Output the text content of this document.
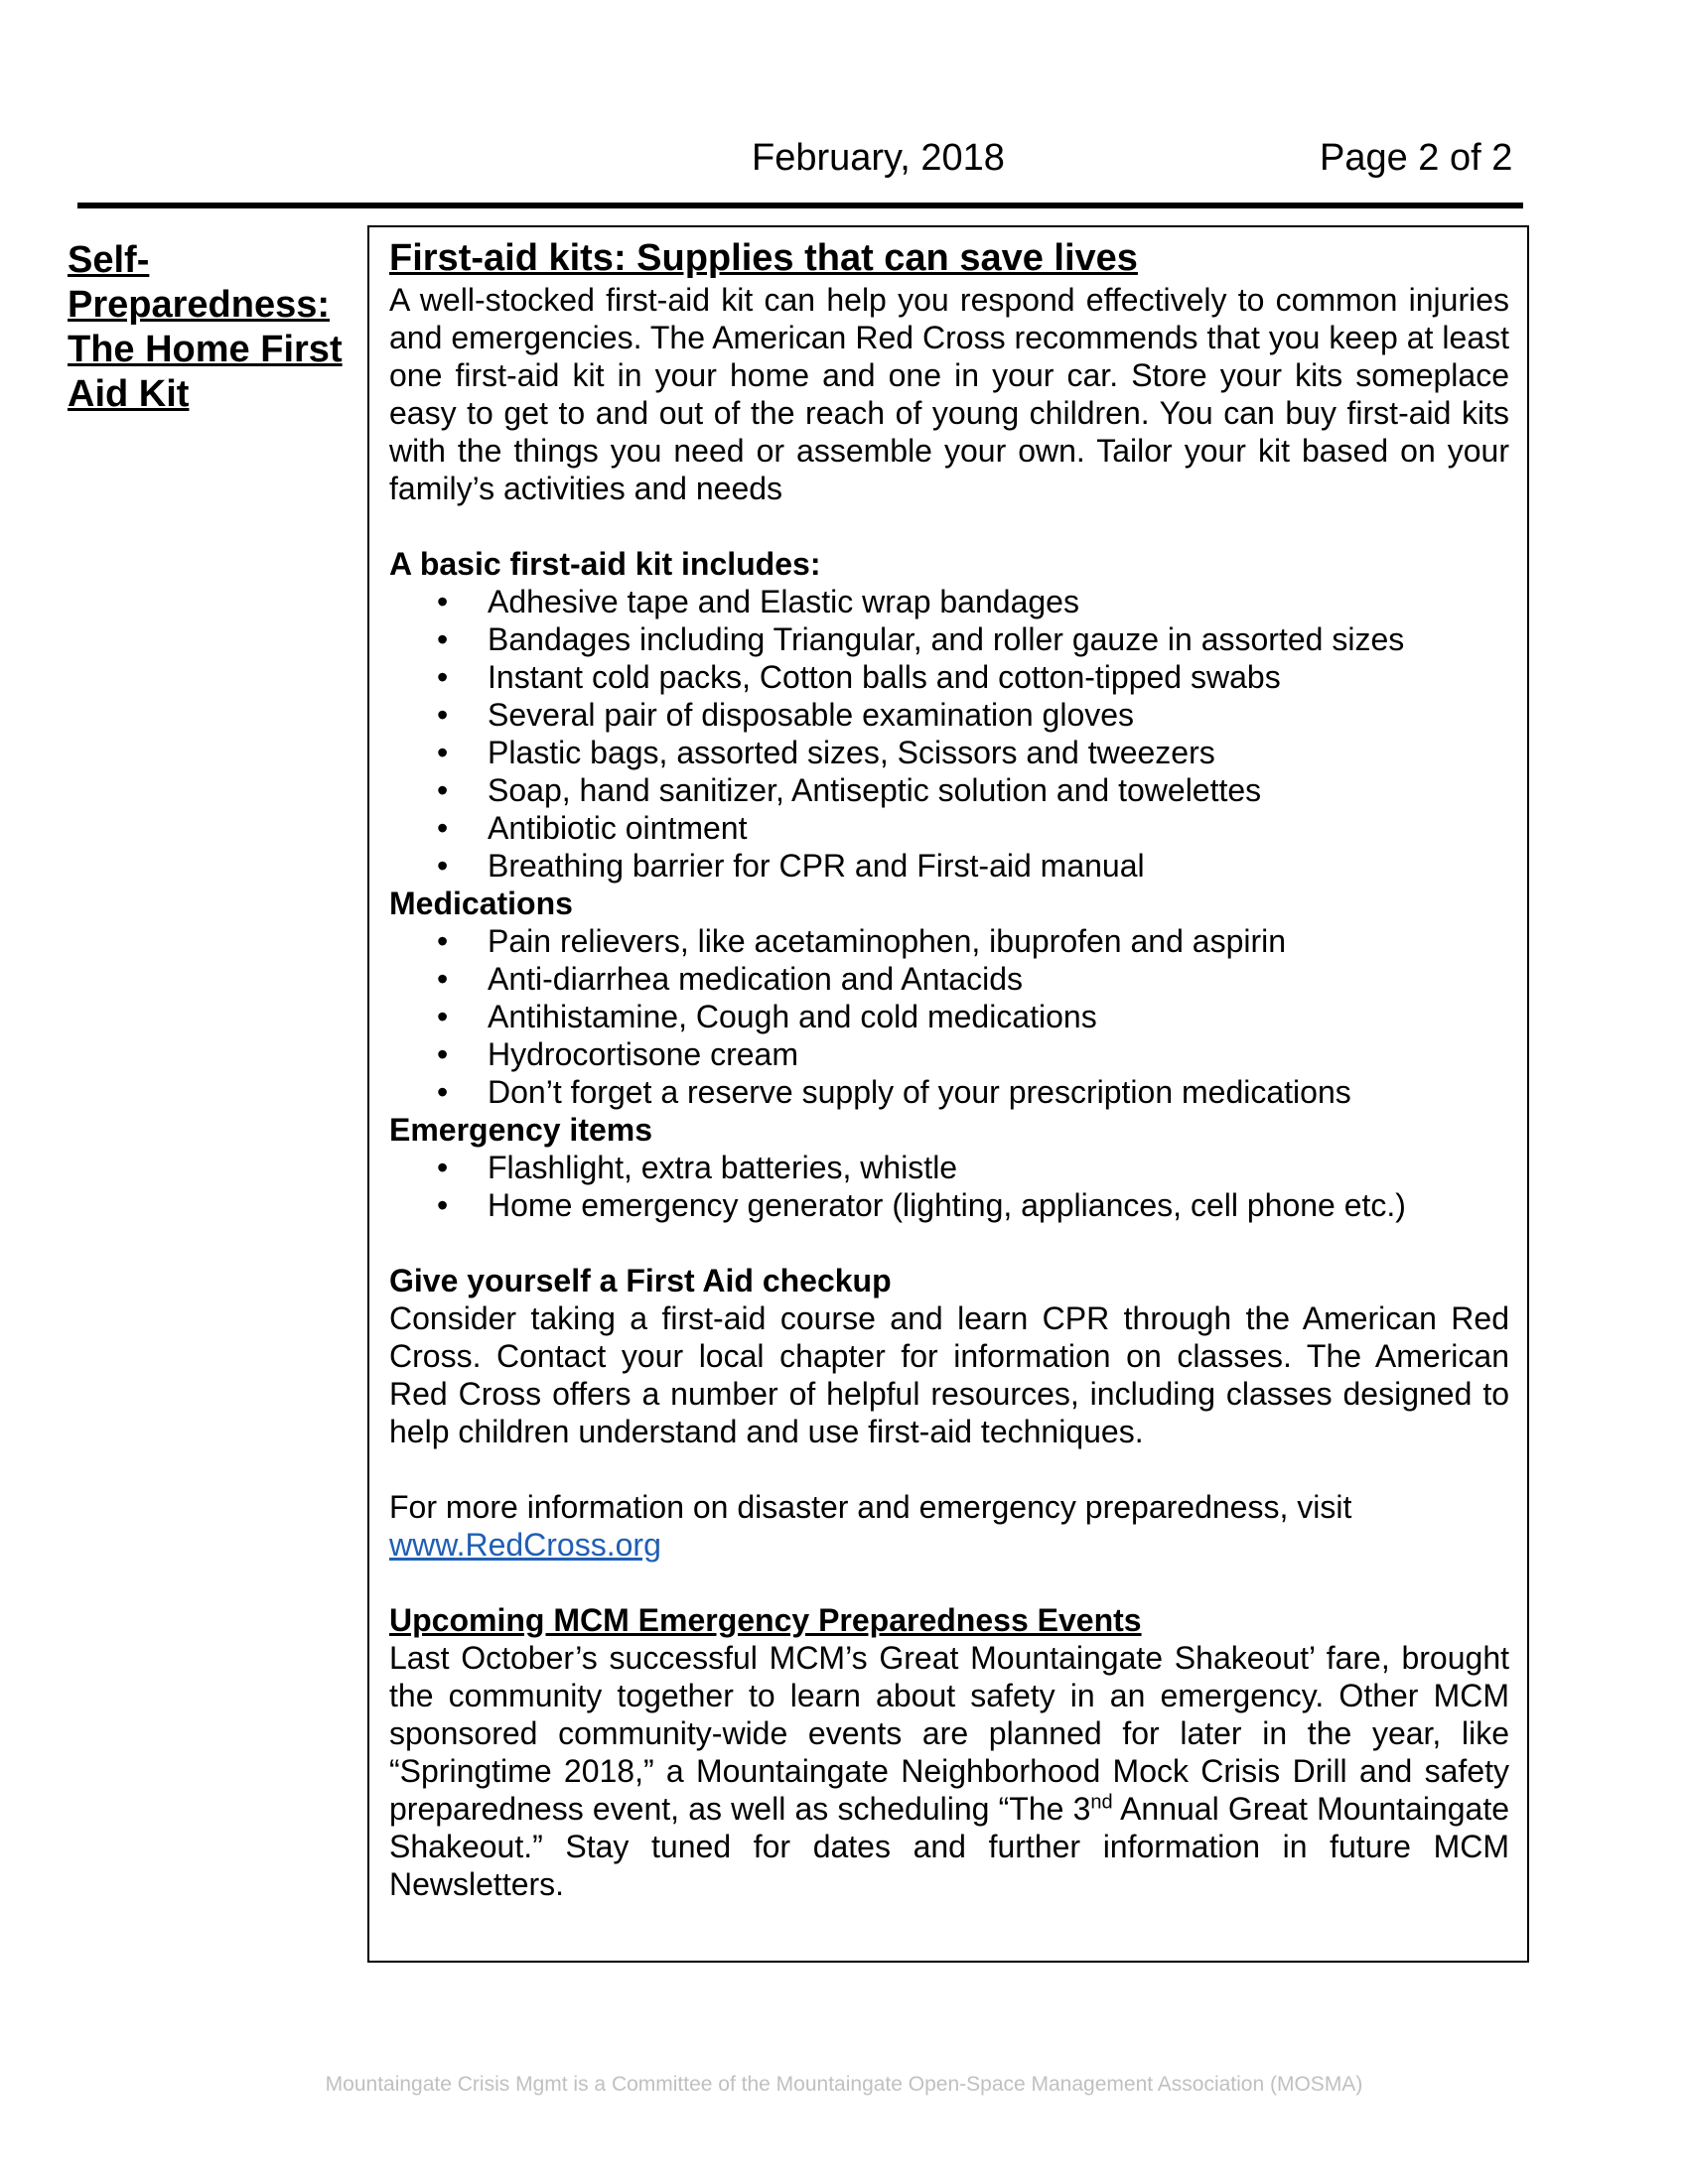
February, 2018	Page 2 of 2
Self-Preparedness: The Home First Aid Kit
First-aid kits: Supplies that can save lives

A well-stocked first-aid kit can help you respond effectively to common injuries and emergencies. The American Red Cross recommends that you keep at least one first-aid kit in your home and one in your car. Store your kits someplace easy to get to and out of the reach of young children. You can buy first-aid kits with the things you need or assemble your own. Tailor your kit based on your family’s activities and needs

A basic first-aid kit includes:
• Adhesive tape and Elastic wrap bandages
• Bandages including Triangular, and roller gauze in assorted sizes
• Instant cold packs, Cotton balls and cotton-tipped swabs
• Several pair of disposable examination gloves
• Plastic bags, assorted sizes, Scissors and tweezers
• Soap, hand sanitizer, Antiseptic solution and towelettes
• Antibiotic ointment
• Breathing barrier for CPR and First-aid manual
Medications
• Pain relievers, like acetaminophen, ibuprofen and aspirin
• Anti-diarrhea medication and Antacids
• Antihistamine, Cough and cold medications
• Hydrocortisone cream
• Don’t forget a reserve supply of your prescription medications
Emergency items
• Flashlight, extra batteries, whistle
• Home emergency generator (lighting, appliances, cell phone etc.)
Give yourself a First Aid checkup

Consider taking a first-aid course and learn CPR through the American Red Cross. Contact your local chapter for information on classes. The American Red Cross offers a number of helpful resources, including classes designed to help children understand and use first-aid techniques.

For more information on disaster and emergency preparedness, visit
www.RedCross.org

Upcoming MCM Emergency Preparedness Events

Last October’s successful MCM’s Great Mountaingate Shakeout’ fare, brought the community together to learn about safety in an emergency. Other MCM sponsored community-wide events are planned for later in the year, like “Springtime 2018,” a Mountaingate Neighborhood Mock Crisis Drill and safety preparedness event, as well as scheduling “The 3nd Annual Great Mountaingate Shakeout.” Stay tuned for dates and further information in future MCM Newsletters.

Mountaingate Crisis Mgmt is a Committee of the Mountaingate Open-Space Management Association (MOSMA)
